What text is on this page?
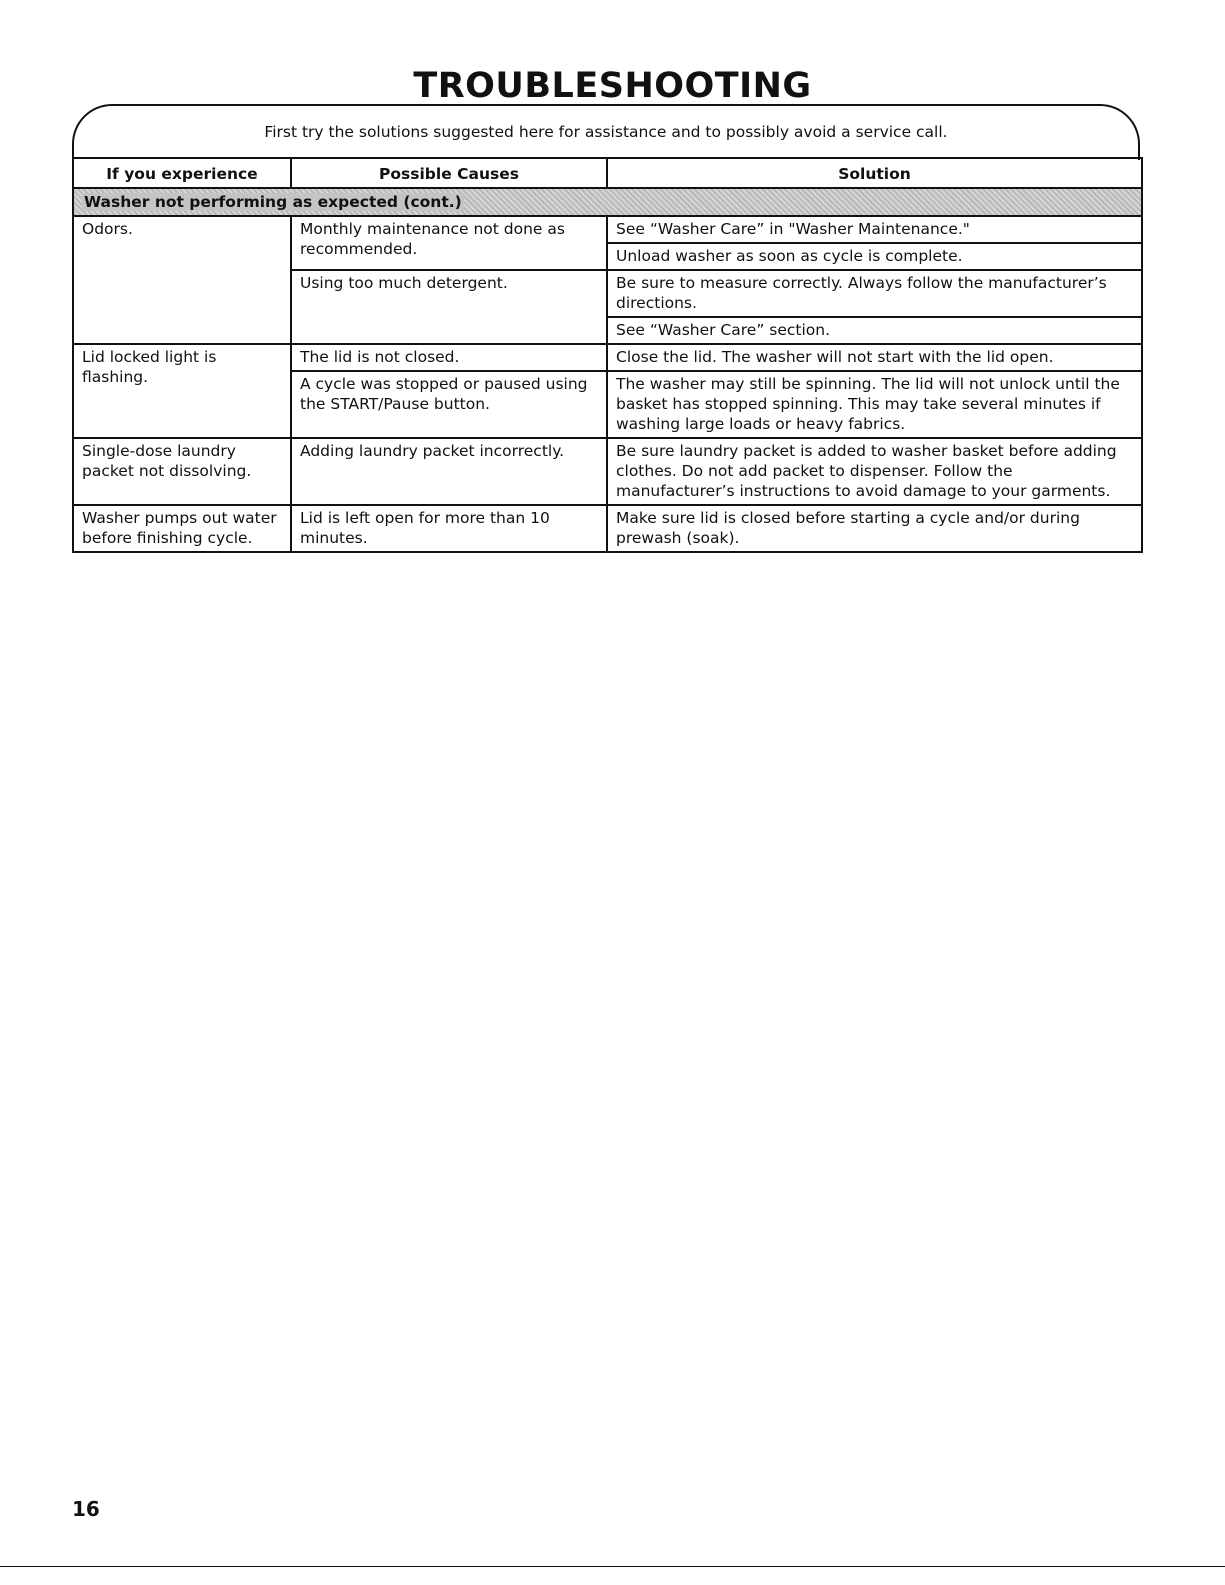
TROUBLESHOOTING
First try the solutions suggested here for assistance and to possibly avoid a service call.
If you experience	Possible Causes	Solution
Washer not performing as expected (cont.)		
Odors.	Monthly maintenance not done as recommended.	See “Washer Care” in "Washer Maintenance."
		Unload washer as soon as cycle is complete.
	Using too much detergent.	Be sure to measure correctly. Always follow the manufacturer’s directions.
		See “Washer Care” section.
Lid locked light is flashing.	The lid is not closed.	Close the lid. The washer will not start with the lid open.
	A cycle was stopped or paused using the START/Pause button.	The washer may still be spinning. The lid will not unlock until the basket has stopped spinning. This may take several minutes if washing large loads or heavy fabrics.
Single-dose laundry packet not dissolving.	Adding laundry packet incorrectly.	Be sure laundry packet is added to washer basket before adding clothes. Do not add packet to dispenser. Follow the manufacturer’s instructions to avoid damage to your garments.
Washer pumps out water before finishing cycle.	Lid is left open for more than 10 minutes.	Make sure lid is closed before starting a cycle and/or during prewash (soak).
16
